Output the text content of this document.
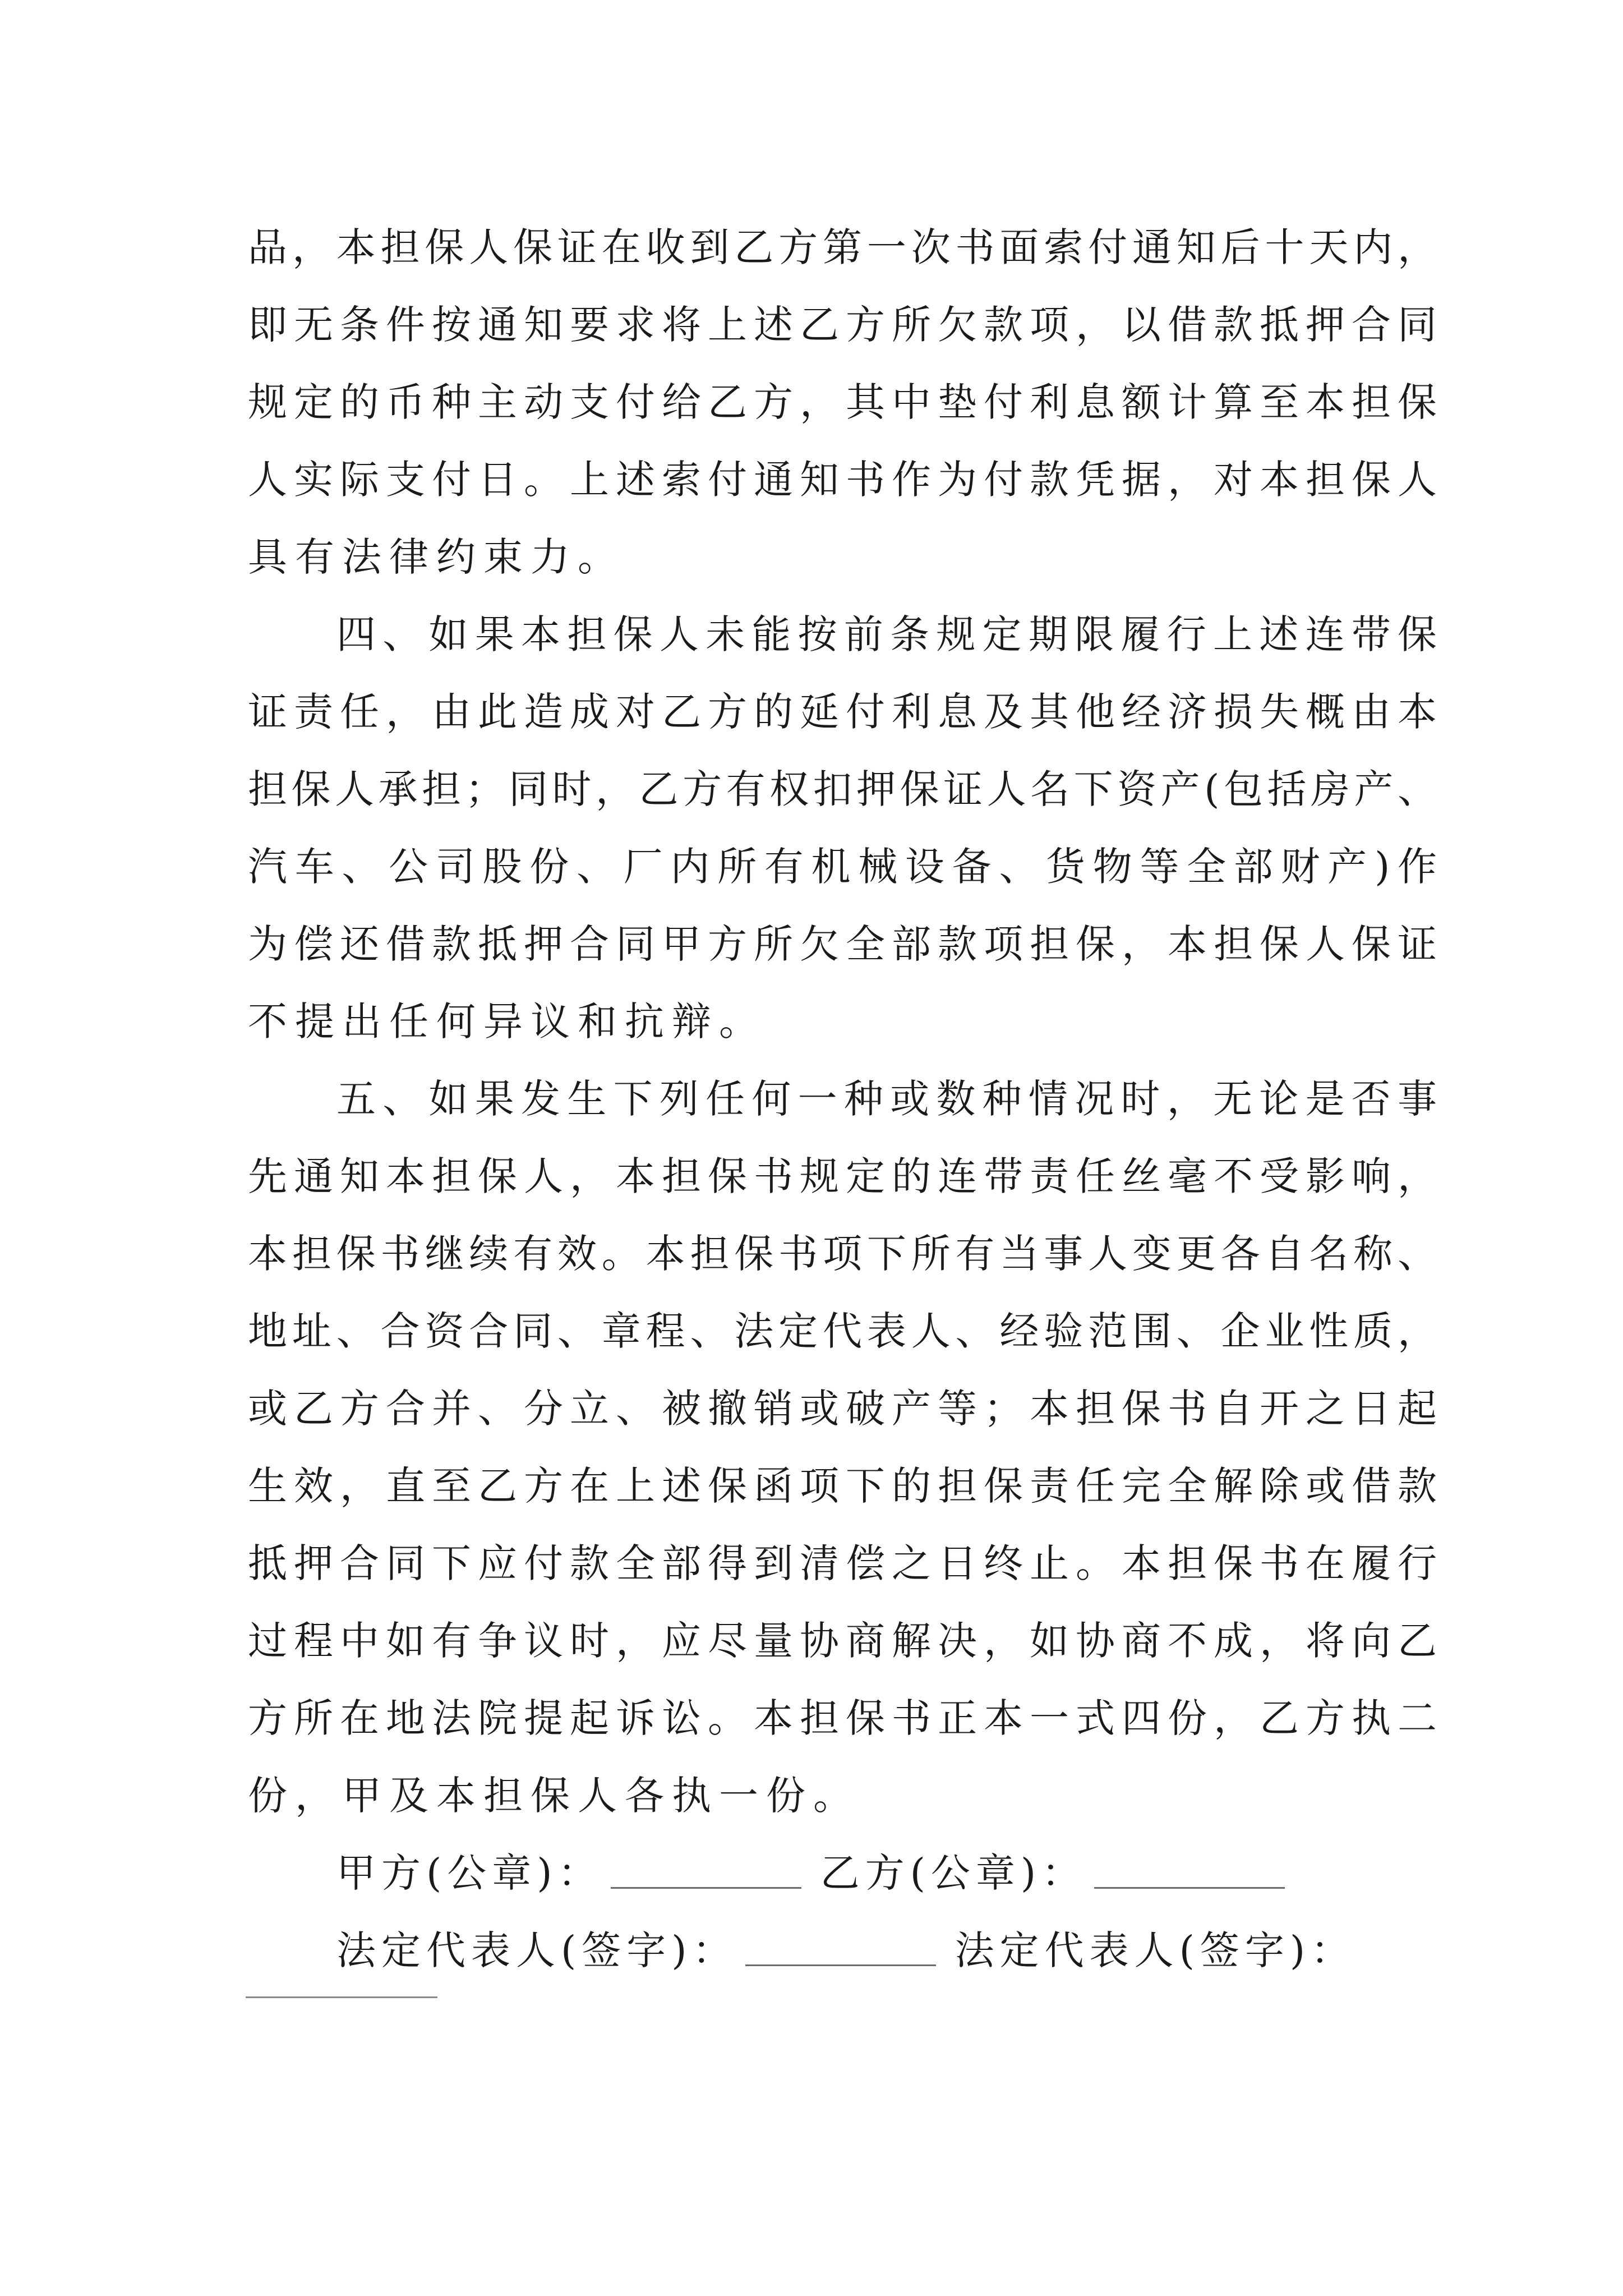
品，本担保人保证在收到乙方第一次书面索付通知后十天内，
即无条件按通知要求将上述乙方所欠款项，以借款抵押合同
规定的币种主动支付给乙方，其中垫付利息额计算至本担保
人实际支付日。上述索付通知书作为付款凭据，对本担保人
具有法律约束力。
四、如果本担保人未能按前条规定期限履行上述连带保
证责任，由此造成对乙方的延付利息及其他经济损失概由本
担保人承担；同时，乙方有权扣押保证人名下资产(包括房产、
汽车、公司股份、厂内所有机械设备、货物等全部财产)作
为偿还借款抵押合同甲方所欠全部款项担保，本担保人保证
不提出任何异议和抗辩。
五、如果发生下列任何一种或数种情况时，无论是否事
先通知本担保人，本担保书规定的连带责任丝毫不受影响，
本担保书继续有效。本担保书项下所有当事人变更各自名称、
地址、合资合同、章程、法定代表人、经验范围、企业性质，
或乙方合并、分立、被撤销或破产等；本担保书自开之日起
生效，直至乙方在上述保函项下的担保责任完全解除或借款
抵押合同下应付款全部得到清偿之日终止。本担保书在履行
过程中如有争议时，应尽量协商解决，如协商不成，将向乙
方所在地法院提起诉讼。本担保书正本一式四份，乙方执二
份，甲及本担保人各执一份。
甲方(公章)：	乙方(公章)：
法定代表人(签字)：	法定代表人(签字)：
